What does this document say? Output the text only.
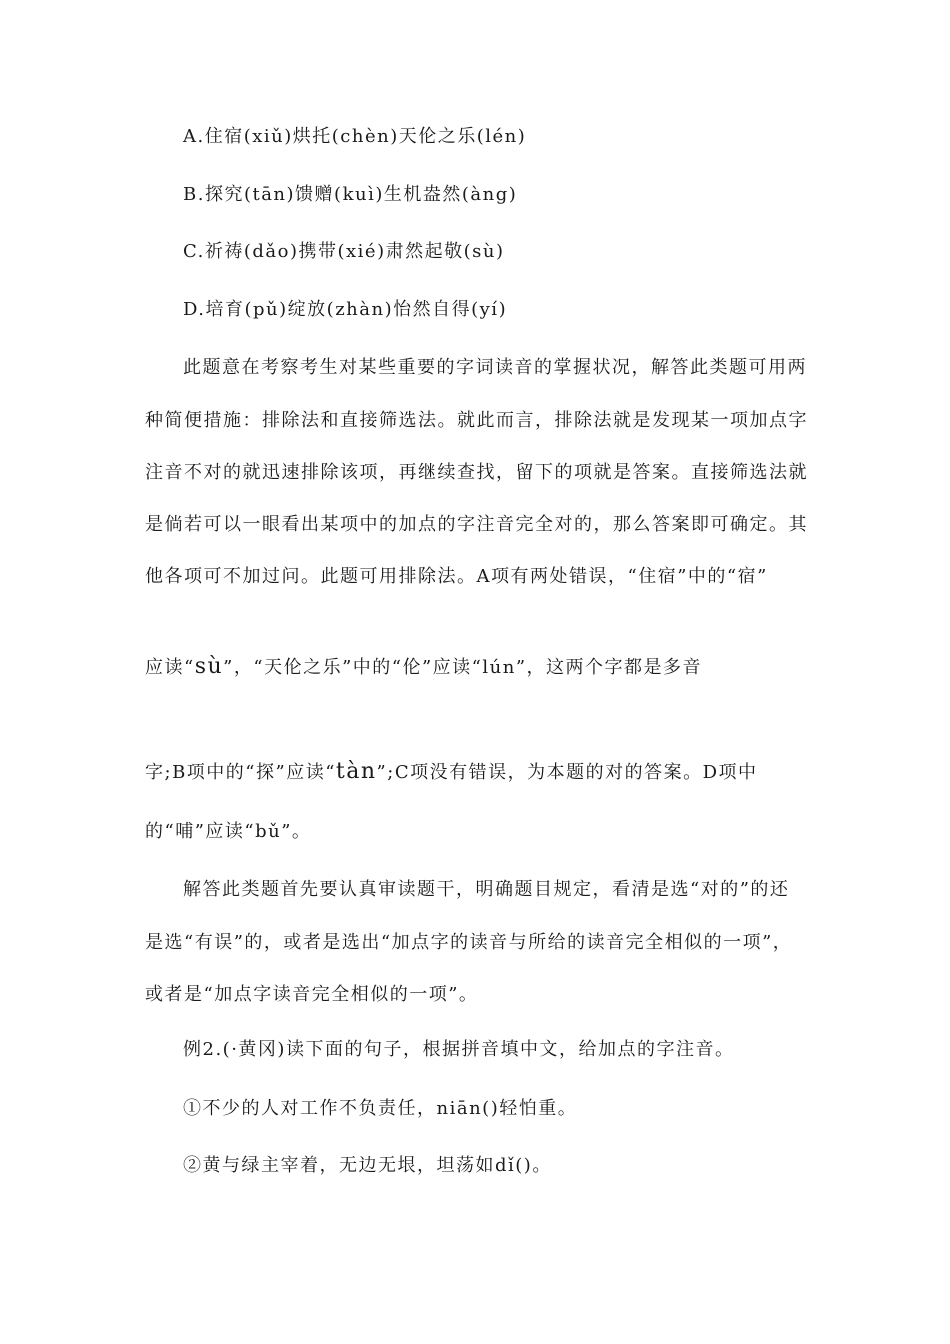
A.住宿(xiǔ)烘托(chèn)天伦之乐(lén)
B.探究(tān)馈赠(kuì)生机盎然(àng)
C.祈祷(dǎo)携带(xié)肃然起敬(sù)
D.培育(pǔ)绽放(zhàn)怡然自得(yí)
此题意在考察考生对某些重要的字词读音的掌握状况，解答此类题可用两
种简便措施：排除法和直接筛选法。就此而言，排除法就是发现某一项加点字
注音不对的就迅速排除该项，再继续查找，留下的项就是答案。直接筛选法就
是倘若可以一眼看出某项中的加点的字注音完全对的，那么答案即可确定。其
他各项可不加过问。此题可用排除法。A项有两处错误，“住宿”中的“宿”
应读“sù”，“天伦之乐”中的“伦”应读“lún”，这两个字都是多音
字;B项中的“探”应读“tàn”;C项没有错误，为本题的对的答案。D项中
的“哺”应读“bǔ”。
解答此类题首先要认真审读题干，明确题目规定，看清是选“对的”的还
是选“有误”的，或者是选出“加点字的读音与所给的读音完全相似的一项”，
或者是“加点字读音完全相似的一项”。
例2.(·黄冈)读下面的句子，根据拼音填中文，给加点的字注音。
①不少的人对工作不负责任，niān()轻怕重。
②黄与绿主宰着，无边无垠，坦荡如dǐ()。
